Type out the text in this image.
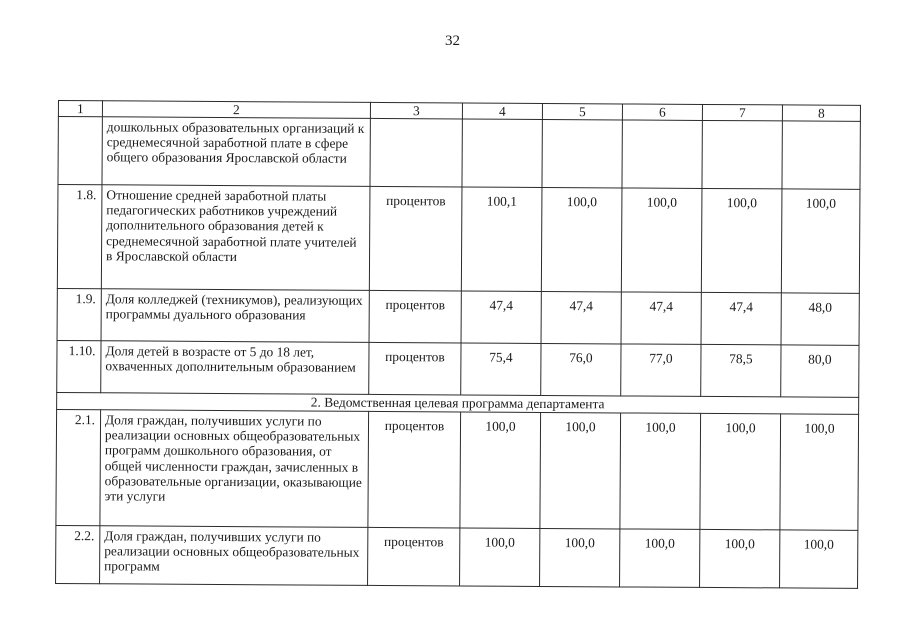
32
1	2	3	4	5	6	7	8
	дошкольных образовательных организаций к среднемесячной заработной плате в сфере общего образования Ярославской области						
1.8.	Отношение средней заработной платы педагогических работников учреждений дополнительного образования детей к среднемесячной заработной плате учителей в Ярославской области	процентов	100,1	100,0	100,0	100,0	100,0
1.9.	Доля колледжей (техникумов), реализующих программы дуального образования	процентов	47,4	47,4	47,4	47,4	48,0
1.10.	Доля детей в возрасте от 5 до 18 лет, охваченных дополнительным образованием	процентов	75,4	76,0	77,0	78,5	80,0
2. Ведомственная целевая программа департамента							
2.1.	Доля граждан, получивших услуги по реализации основных общеобразовательных программ дошкольного образования, от общей численности граждан, зачисленных в образовательные организации, оказывающие эти услуги	процентов	100,0	100,0	100,0	100,0	100,0
2.2.	Доля граждан, получивших услуги по реализации основных общеобразовательных программ	процентов	100,0	100,0	100,0	100,0	100,0
